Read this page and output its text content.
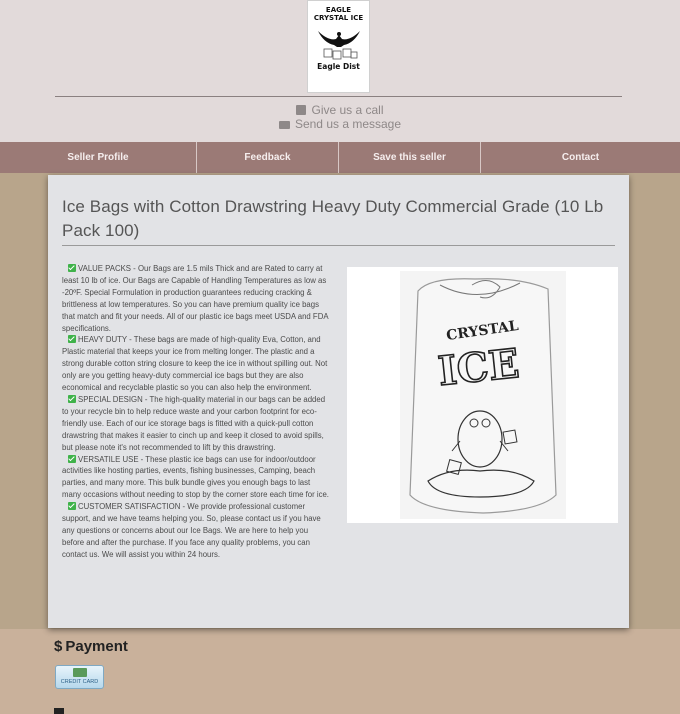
EAGLE
CRYSTAL ICE
Eagle Dist
Give us a call
Send us a message
Seller Profile	Feedback	Save this seller	Contact
Ice Bags with Cotton Drawstring Heavy Duty Commercial Grade (10 Lb Pack 100)

VALUE PACKS - Our Bags are 1.5 mils Thick and are Rated to carry at least 10 lb of ice. Our Bags are Capable of Handling Temperatures as low as -20ºF. Special Formulation in production guarantees reducing cracking & brittleness at low temperatures. So you can have premium quality ice bags that match and fit your needs. All of our plastic ice bags meet USDA and FDA specifications.

HEAVY DUTY - These bags are made of high-quality Eva, Cotton, and Plastic material that keeps your ice from melting longer. The plastic and a strong durable cotton string closure to keep the ice in without spilling out. Not only are you getting heavy-duty commercial ice bags but they are also economical and recyclable plastic so you can also help the environment.

SPECIAL DESIGN - The high-quality material in our bags can be added to your recycle bin to help reduce waste and your carbon footprint for eco-friendly use. Each of our ice storage bags is fitted with a quick-pull cotton drawstring that makes it easier to cinch up and keep it closed to avoid spills, but please note it's not recommended to lift by this drawstring.

VERSATILE USE - These plastic ice bags can use for indoor/outdoor activities like hosting parties, events, fishing businesses, Camping, beach parties, and many more. This bulk bundle gives you enough bags to last many occasions without needing to stop by the corner store each time for ice.

CUSTOMER SATISFACTION - We provide professional customer support, and we have teams helping you. So, please contact us if you have any questions or concerns about our Ice Bags. We are here to help you before and after the purchase. If you face any quality problems, you can contact us. We will assist you within 24 hours.

CRYSTAL
ICE
$ Payment
CREDIT CARD
